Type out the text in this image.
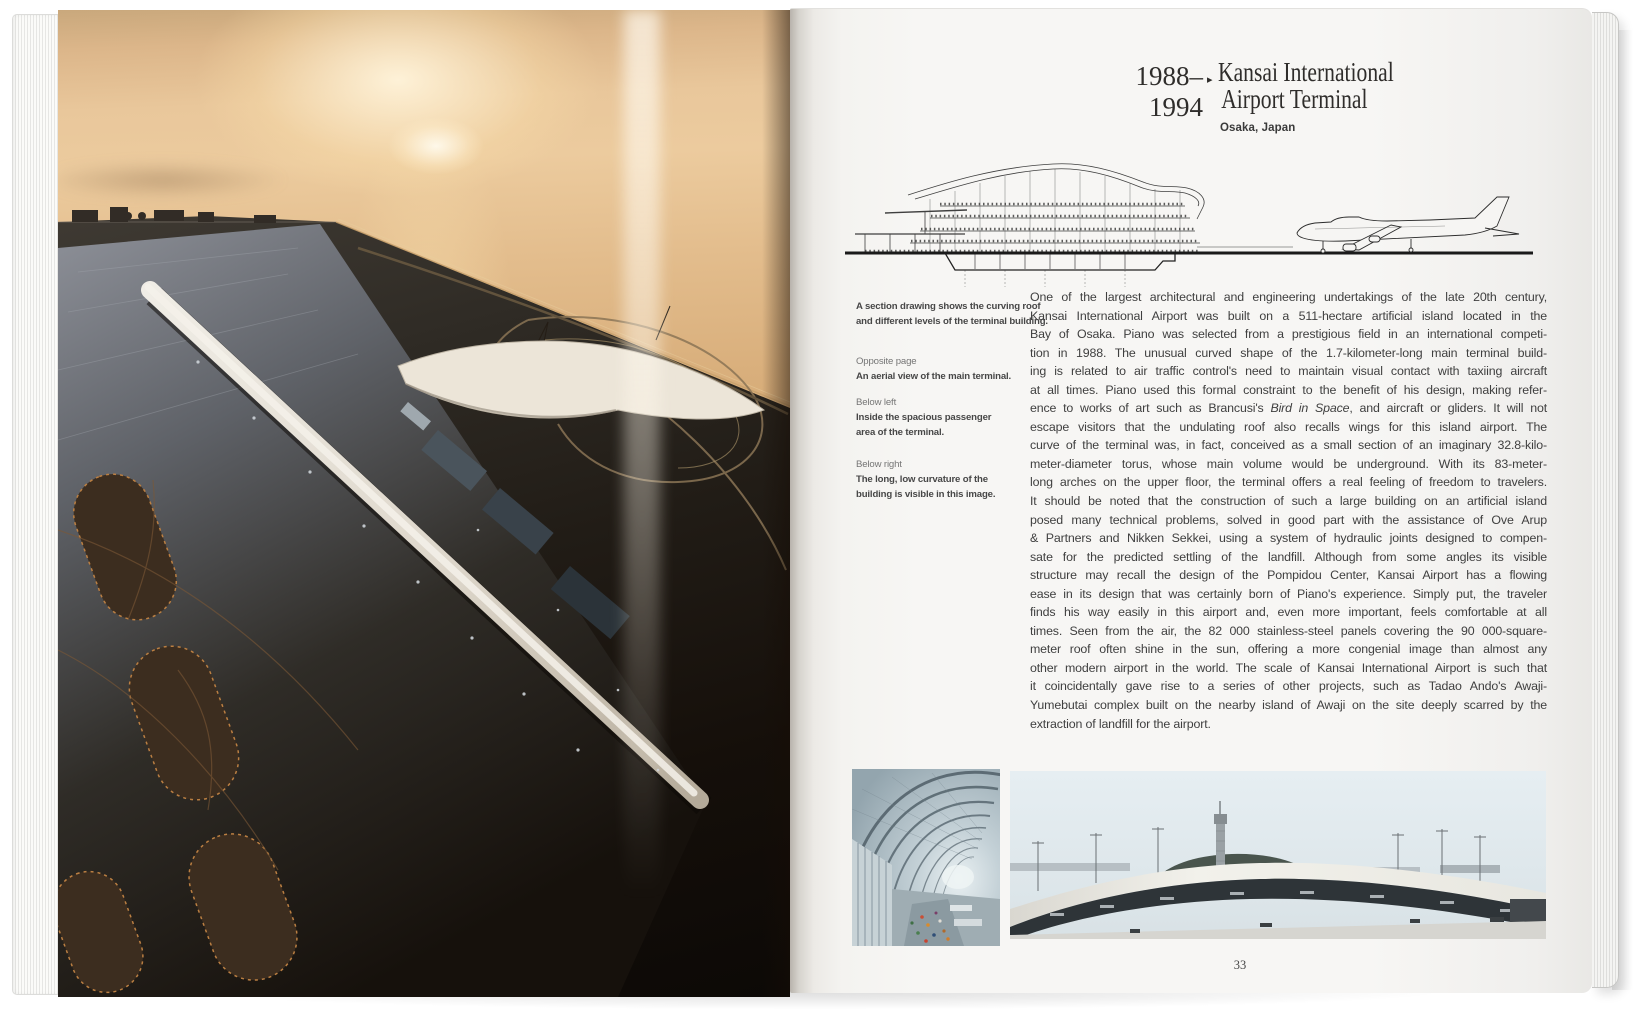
1988–1994
▸ Kansai International
Airport Terminal
Osaka, Japan
A section drawing shows the curving roof
and different levels of the terminal building.
Opposite page
An aerial view of the main terminal.
Below left
Inside the spacious passenger
area of the terminal.
Below right
The long, low curvature of the
building is visible in this image.
One of the largest architectural and engineering undertakings of the late 20th century,
Kansai International Airport was built on a 511-hectare artificial island located in the
Bay of Osaka. Piano was selected from a prestigious field in an international competi-
tion in 1988. The unusual curved shape of the 1.7-kilometer-long main terminal build-
ing is related to air traffic control's need to maintain visual contact with taxiing aircraft
at all times. Piano used this formal constraint to the benefit of his design, making refer-
ence to works of art such as Brancusi's Bird in Space, and aircraft or gliders. It will not
escape visitors that the undulating roof also recalls wings for this island airport. The
curve of the terminal was, in fact, conceived as a small section of an imaginary 32.8-kilo-
meter-diameter torus, whose main volume would be underground. With its 83-meter-
long arches on the upper floor, the terminal offers a real feeling of freedom to travelers.
It should be noted that the construction of such a large building on an artificial island
posed many technical problems, solved in good part with the assistance of Ove Arup
& Partners and Nikken Sekkei, using a system of hydraulic joints designed to compen-
sate for the predicted settling of the landfill. Although from some angles its visible
structure may recall the design of the Pompidou Center, Kansai Airport has a flowing
ease in its design that was certainly born of Piano's experience. Simply put, the traveler
finds his way easily in this airport and, even more important, feels comfortable at all
times. Seen from the air, the 82 000 stainless-steel panels covering the 90 000-square-
meter roof often shine in the sun, offering a more congenial image than almost any
other modern airport in the world. The scale of Kansai International Airport is such that
it coincidentally gave rise to a series of other projects, such as Tadao Ando's Awaji-
Yumebutai complex built on the nearby island of Awaji on the site deeply scarred by the
extraction of landfill for the airport.
33
